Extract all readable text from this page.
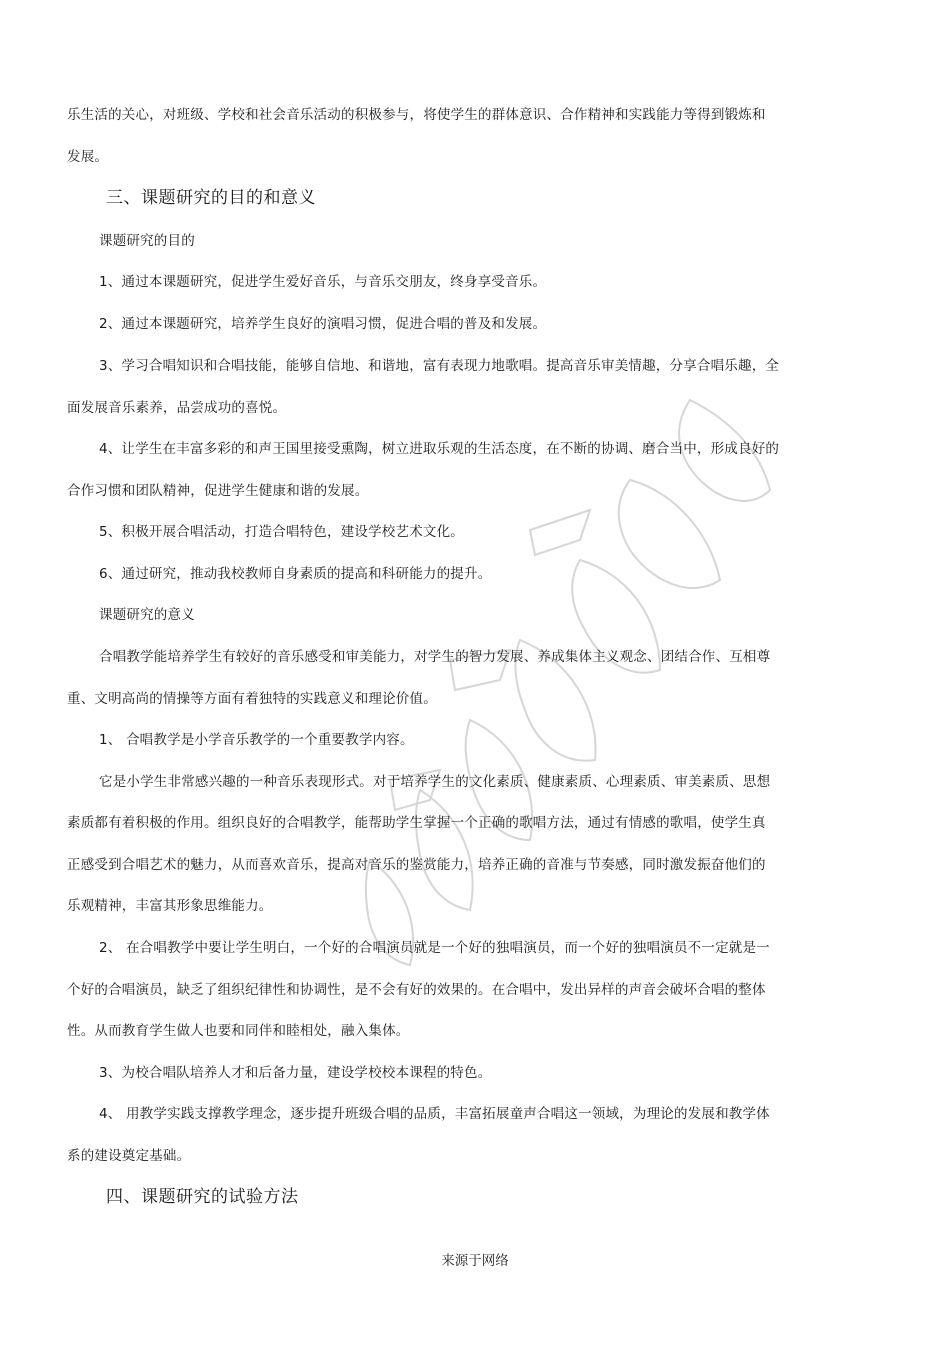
乐生活的关心，对班级、学校和社会音乐活动的积极参与，将使学生的群体意识、合作精神和实践能力等得到锻炼和
发展。
三、课题研究的目的和意义
课题研究的目的
1、通过本课题研究，促进学生爱好音乐，与音乐交朋友，终身享受音乐。
2、通过本课题研究，培养学生良好的演唱习惯，促进合唱的普及和发展。
3、学习合唱知识和合唱技能，能够自信地、和谐地，富有表现力地歌唱。提高音乐审美情趣，分享合唱乐趣，全
面发展音乐素养，品尝成功的喜悦。
4、让学生在丰富多彩的和声王国里接受熏陶，树立进取乐观的生活态度，在不断的协调、磨合当中，形成良好的
合作习惯和团队精神，促进学生健康和谐的发展。
5、积极开展合唱活动，打造合唱特色，建设学校艺术文化。
6、通过研究，推动我校教师自身素质的提高和科研能力的提升。
课题研究的意义
合唱教学能培养学生有较好的音乐感受和审美能力，对学生的智力发展、养成集体主义观念、团结合作、互相尊
重、文明高尚的情操等方面有着独特的实践意义和理论价值。
1、 合唱教学是小学音乐教学的一个重要教学内容。
它是小学生非常感兴趣的一种音乐表现形式。对于培养学生的文化素质、健康素质、心理素质、审美素质、思想
素质都有着积极的作用。组织良好的合唱教学，能帮助学生掌握一个正确的歌唱方法，通过有情感的歌唱，使学生真
正感受到合唱艺术的魅力，从而喜欢音乐，提高对音乐的鉴赏能力，培养正确的音准与节奏感，同时激发振奋他们的
乐观精神，丰富其形象思维能力。
2、 在合唱教学中要让学生明白，一个好的合唱演员就是一个好的独唱演员，而一个好的独唱演员不一定就是一
个好的合唱演员，缺乏了组织纪律性和协调性，是不会有好的效果的。在合唱中，发出异样的声音会破坏合唱的整体
性。从而教育学生做人也要和同伴和睦相处，融入集体。
3、为校合唱队培养人才和后备力量，建设学校校本课程的特色。
4、 用教学实践支撑教学理念，逐步提升班级合唱的品质，丰富拓展童声合唱这一领域，为理论的发展和教学体
系的建设奠定基础。
四、课题研究的试验方法
来源于网络
